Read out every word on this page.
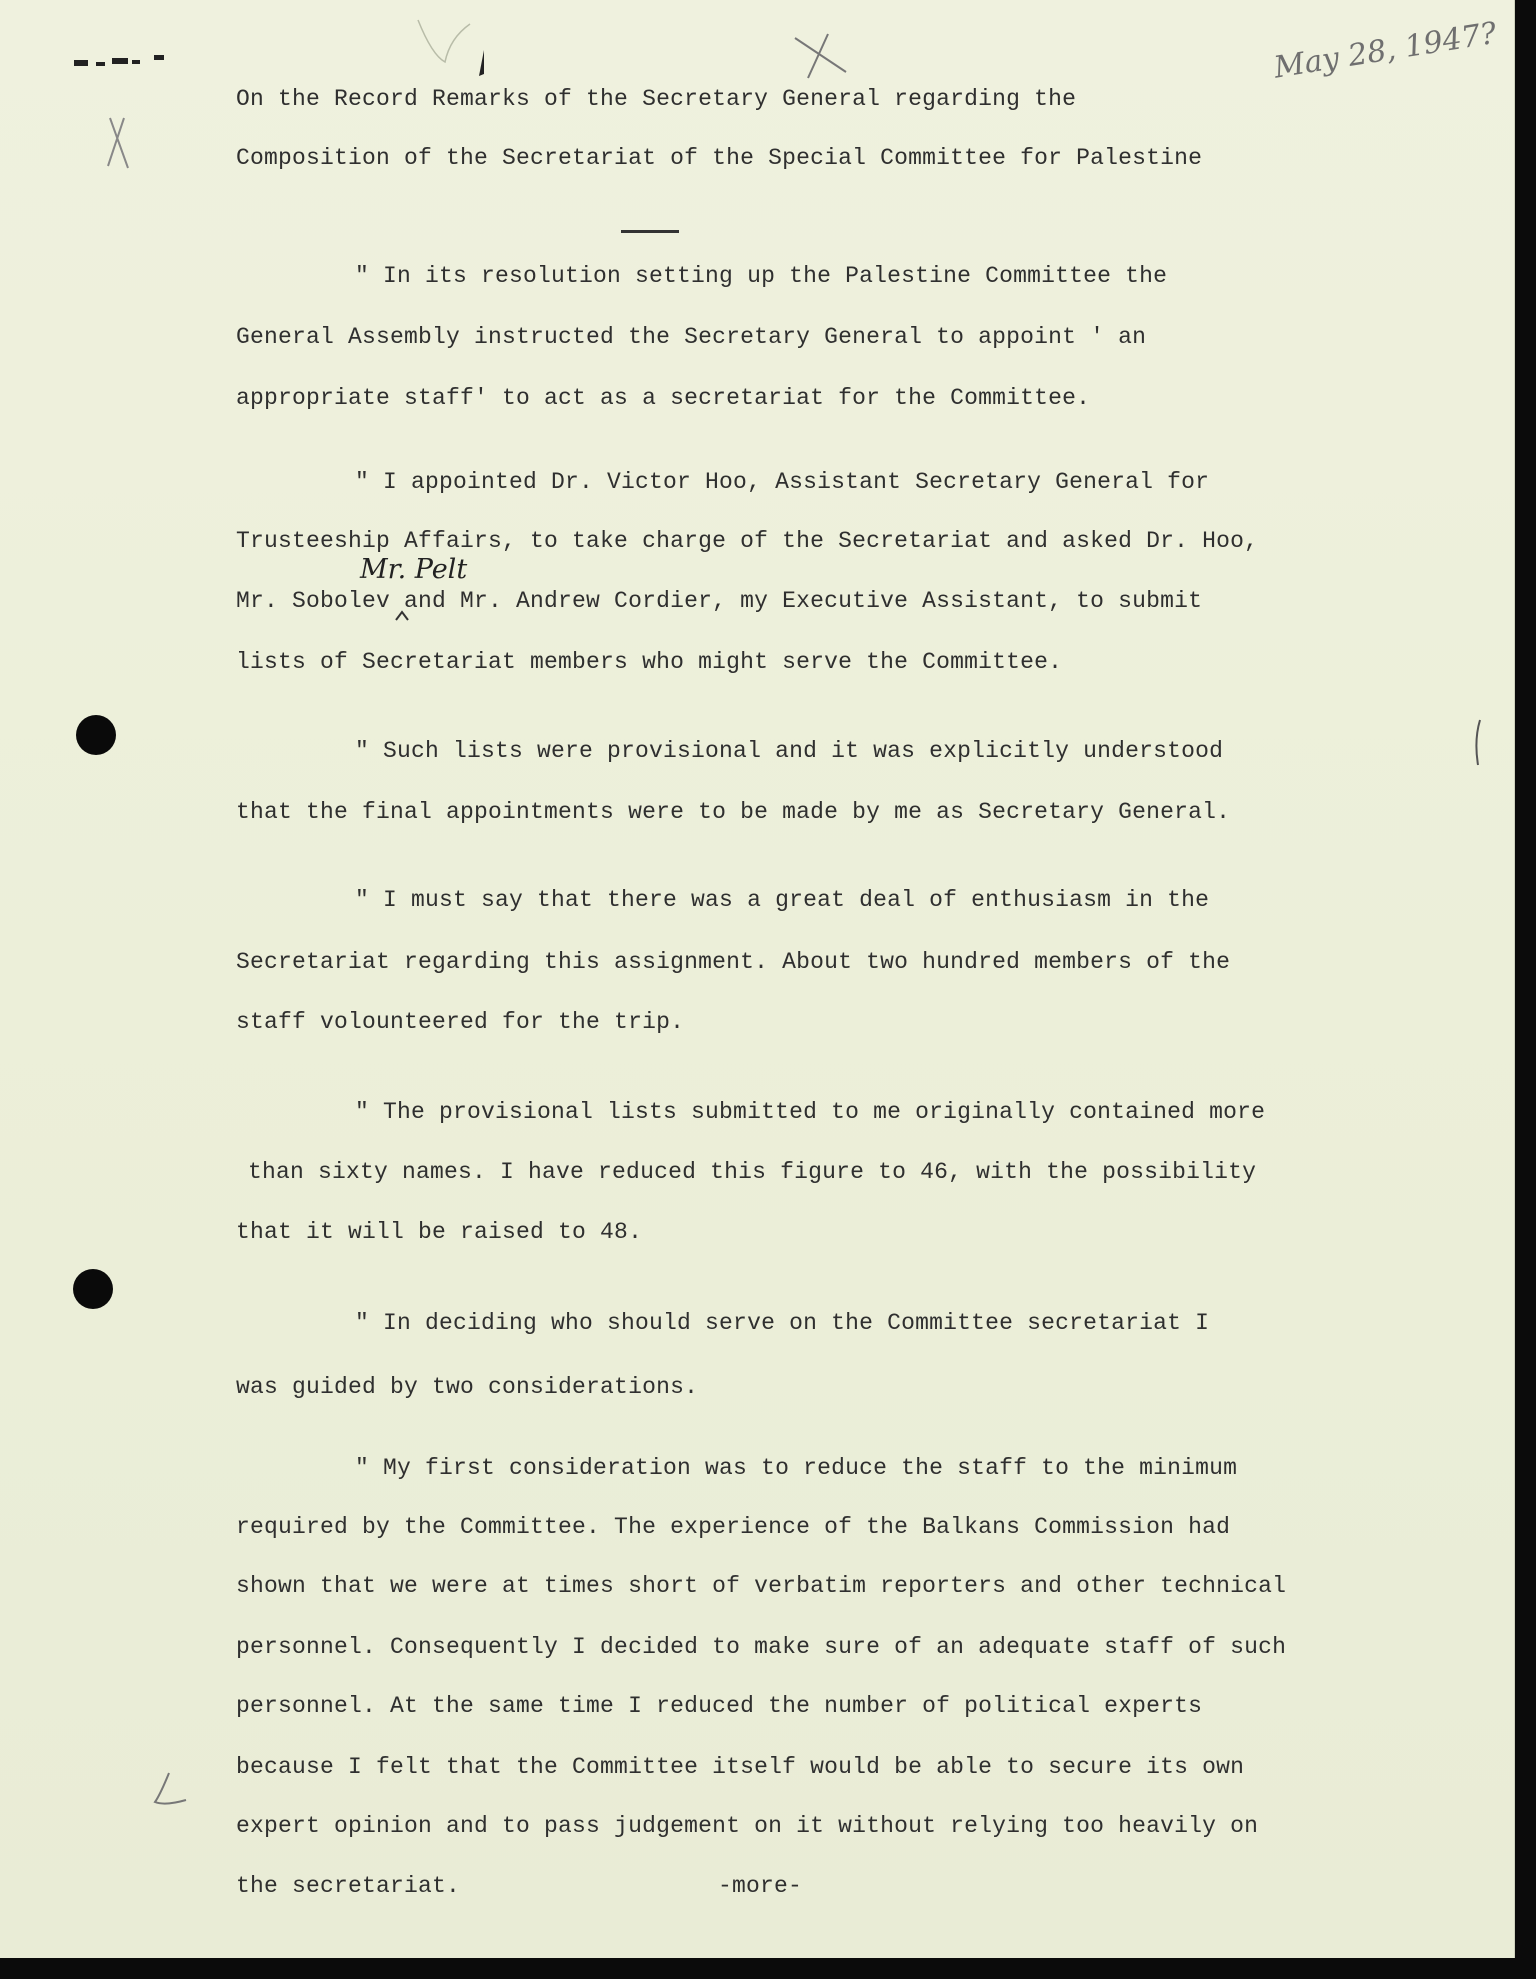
May 28, 1947?
On the Record Remarks of the Secretary General regarding the
Composition of the Secretariat of the Special Committee for Palestine
" In its resolution setting up the Palestine Committee the
General Assembly instructed the Secretary General to appoint ' an
appropriate staff' to act as a secretariat for the Committee.
" I appointed Dr. Victor Hoo, Assistant Secretary General for
Trusteeship Affairs, to take charge of the Secretariat and asked Dr. Hoo,
Mr. Sobolev and Mr. Andrew Cordier, my Executive Assistant, to submit
Mr. Pelt
lists of Secretariat members who might serve the Committee.
" Such lists were provisional and it was explicitly understood
that the final appointments were to be made by me as Secretary General.
" I must say that there was a great deal of enthusiasm in the
Secretariat regarding this assignment. About two hundred members of the
staff volounteered for the trip.
" The provisional lists submitted to me originally contained more
than sixty names. I have reduced this figure to 46, with the possibility
that it will be raised to 48.
" In deciding who should serve on the Committee secretariat I
was guided by two considerations.
" My first consideration was to reduce the staff to the minimum
required by the Committee. The experience of the Balkans Commission had
shown that we were at times short of verbatim reporters and other technical
personnel. Consequently I decided to make sure of an adequate staff of such
personnel. At the same time I reduced the number of political experts
because I felt that the Committee itself would be able to secure its own
expert opinion and to pass judgement on it without relying too heavily on
the secretariat.	-more-
